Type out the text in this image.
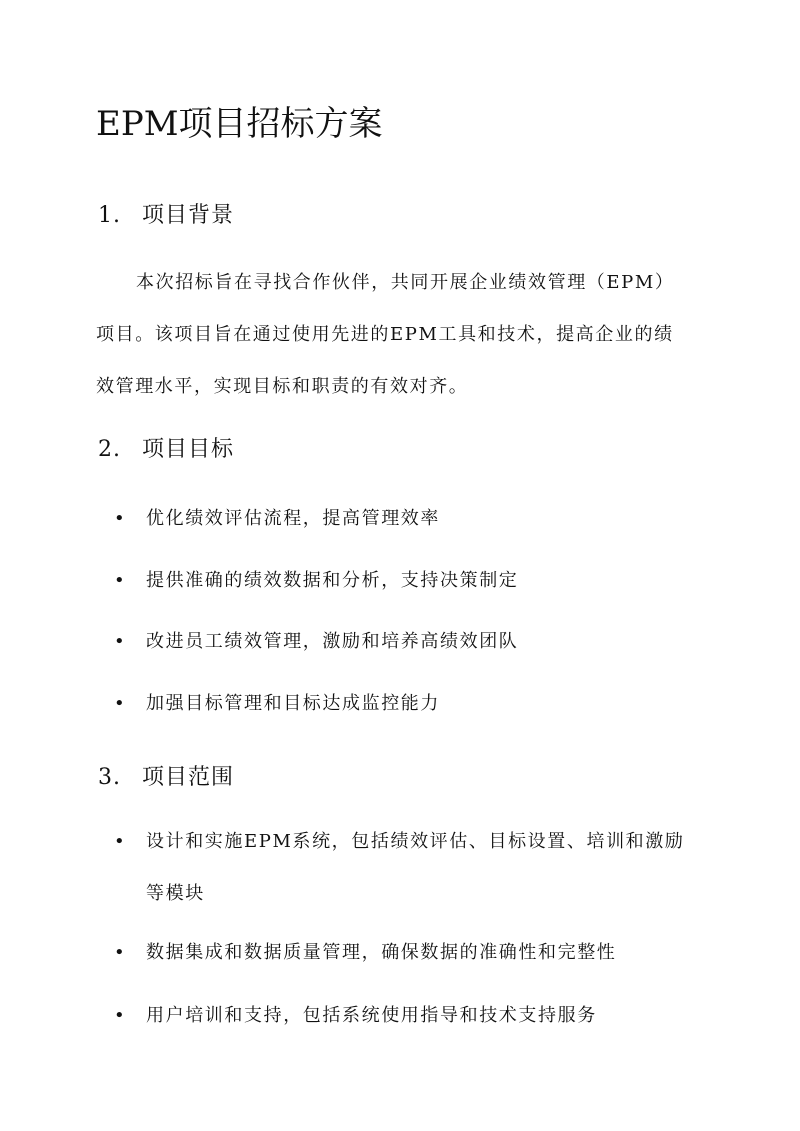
EPM项目招标方案
1. 项目背景
本次招标旨在寻找合作伙伴，共同开展企业绩效管理（EPM）
项目。该项目旨在通过使用先进的EPM工具和技术，提高企业的绩
效管理水平，实现目标和职责的有效对齐。
2. 项目目标
• 优化绩效评估流程，提高管理效率
• 提供准确的绩效数据和分析，支持决策制定
• 改进员工绩效管理，激励和培养高绩效团队
• 加强目标管理和目标达成监控能力
3. 项目范围
• 设计和实施EPM系统，包括绩效评估、目标设置、培训和激励
等模块
• 数据集成和数据质量管理，确保数据的准确性和完整性
• 用户培训和支持，包括系统使用指导和技术支持服务
